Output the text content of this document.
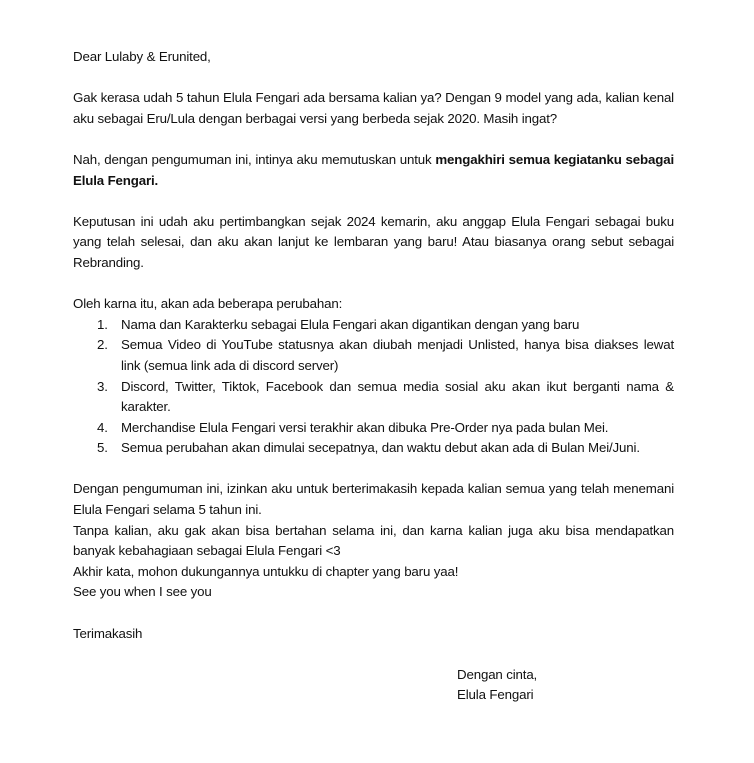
Dear Lulaby & Erunited,

Gak kerasa udah 5 tahun Elula Fengari ada bersama kalian ya? Dengan 9 model yang ada, kalian kenal aku sebagai Eru/Lula dengan berbagai versi yang berbeda sejak 2020. Masih ingat?

Nah, dengan pengumuman ini, intinya aku memutuskan untuk mengakhiri semua kegiatanku sebagai Elula Fengari.

Keputusan ini udah aku pertimbangkan sejak 2024 kemarin, aku anggap Elula Fengari sebagai buku yang telah selesai, dan aku akan lanjut ke lembaran yang baru! Atau biasanya orang sebut sebagai Rebranding.

Oleh karna itu, akan ada beberapa perubahan:

1. Nama dan Karakterku sebagai Elula Fengari akan digantikan dengan yang baru
2. Semua Video di YouTube statusnya akan diubah menjadi Unlisted, hanya bisa diakses lewat link (semua link ada di discord server)
3. Discord, Twitter, Tiktok, Facebook dan semua media sosial aku akan ikut berganti nama & karakter.
4. Merchandise Elula Fengari versi terakhir akan dibuka Pre-Order nya pada bulan Mei.
5. Semua perubahan akan dimulai secepatnya, dan waktu debut akan ada di Bulan Mei/Juni.

Dengan pengumuman ini, izinkan aku untuk berterimakasih kepada kalian semua yang telah menemani Elula Fengari selama 5 tahun ini.

Tanpa kalian, aku gak akan bisa bertahan selama ini, dan karna kalian juga aku bisa mendapatkan banyak kebahagiaan sebagai Elula Fengari <3

Akhir kata, mohon dukungannya untukku di chapter yang baru yaa!

See you when I see you

Terimakasih

Dengan cinta,

Elula Fengari
